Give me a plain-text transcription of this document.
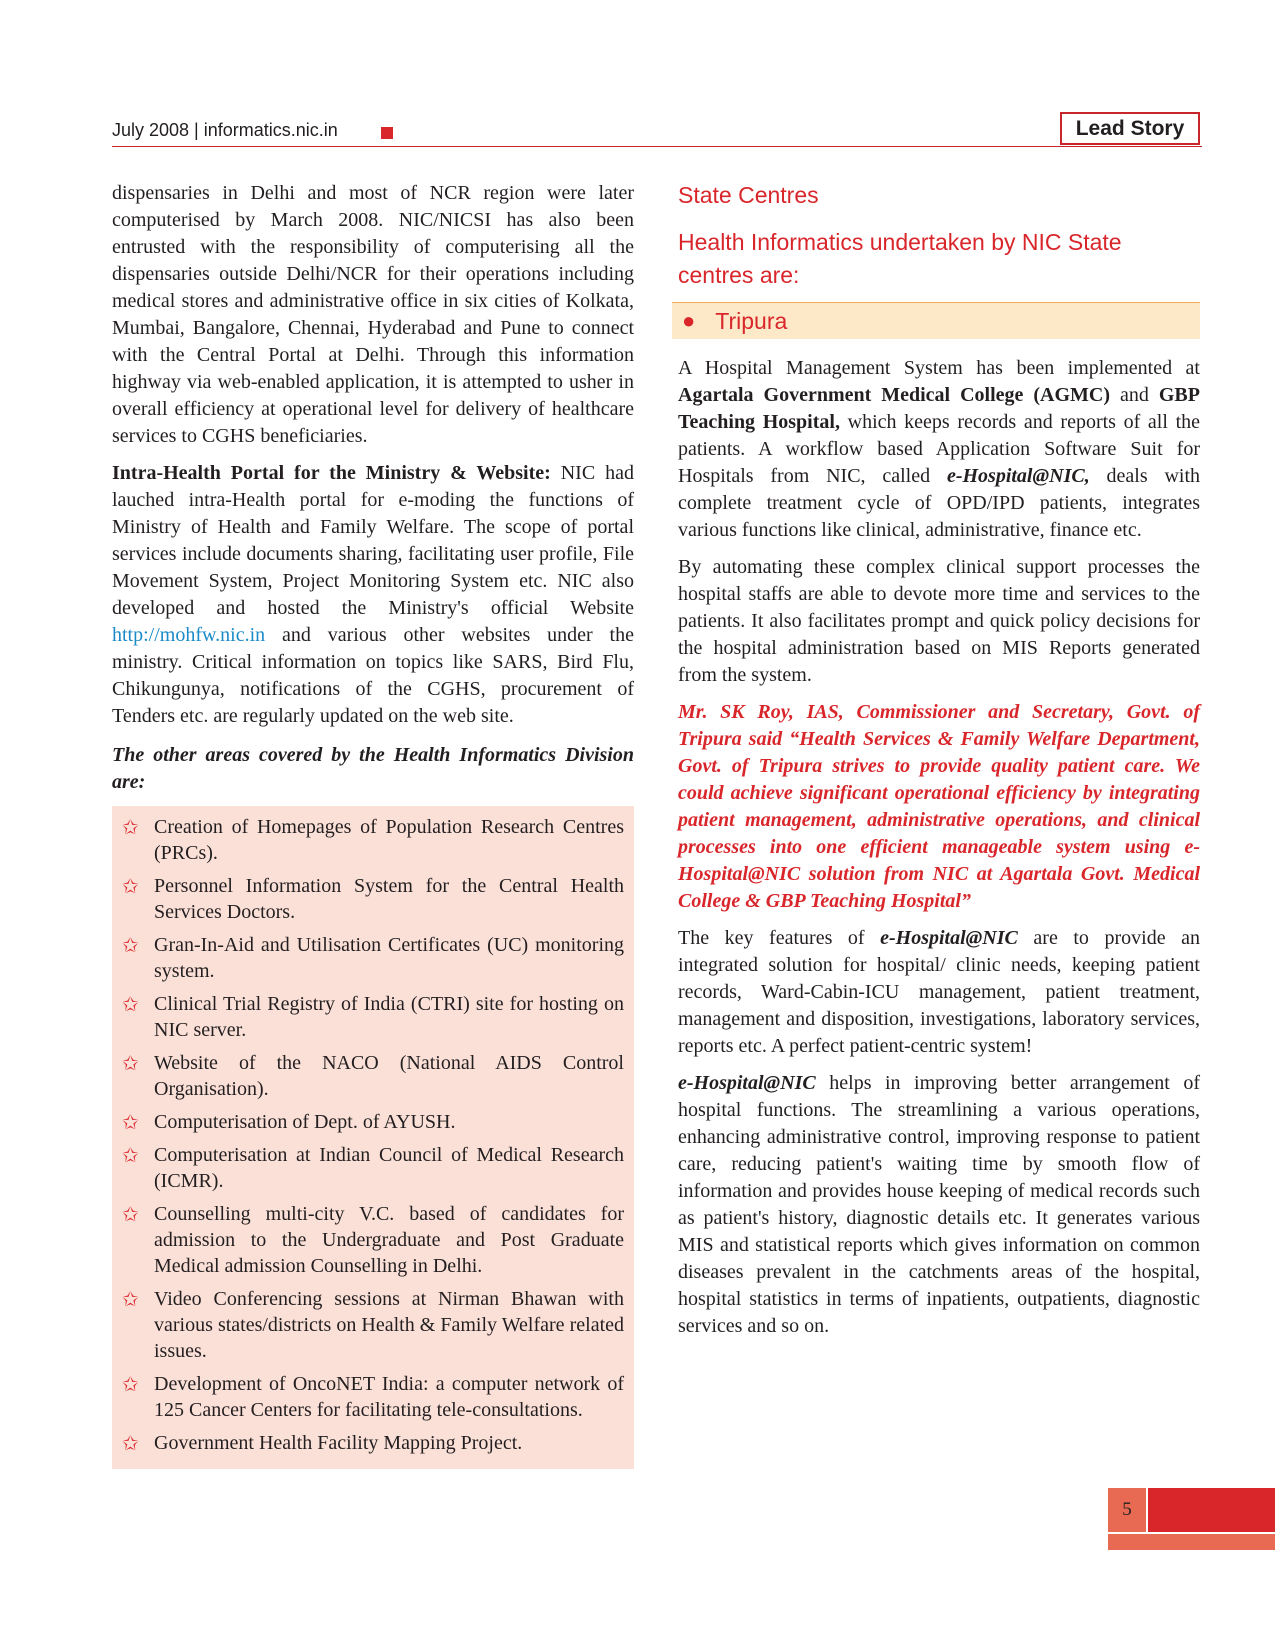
July 2008 | informatics.nic.in	Lead Story

dispensaries in Delhi and most of NCR region were later computerised by March 2008. NIC/NICSI has also been entrusted with the responsibility of computerising all the dispensaries outside Delhi/NCR for their operations including medical stores and administrative office in six cities of Kolkata, Mumbai, Bangalore, Chennai, Hyderabad and Pune to connect with the Central Portal at Delhi. Through this information highway via web-enabled application, it is attempted to usher in overall efficiency at operational level for delivery of healthcare services to CGHS beneficiaries.

Intra-Health Portal for the Ministry & Website: NIC had lauched intra-Health portal for e-moding the functions of Ministry of Health and Family Welfare. The scope of portal services include documents sharing, facilitating user profile, File Movement System, Project Monitoring System etc. NIC also developed and hosted the Ministry's official Website http://mohfw.nic.in and various other websites under the ministry. Critical information on topics like SARS, Bird Flu, Chikungunya, notifications of the CGHS, procurement of Tenders etc. are regularly updated on the web site.

The other areas covered by the Health Informatics Division are:

✩ Creation of Homepages of Population Research Centres (PRCs).
✩ Personnel Information System for the Central Health Services Doctors.
✩ Gran-In-Aid and Utilisation Certificates (UC) monitoring system.
✩ Clinical Trial Registry of India (CTRI) site for hosting on NIC server.
✩ Website of the NACO (National AIDS Control Organisation).
✩ Computerisation of Dept. of AYUSH.
✩ Computerisation at Indian Council of Medical Research (ICMR).
✩ Counselling multi-city V.C. based of candidates for admission to the Undergraduate and Post Graduate Medical admission Counselling in Delhi.
✩ Video Conferencing sessions at Nirman Bhawan with various states/districts on Health & Family Welfare related issues.
✩ Development of OncoNET India: a computer network of 125 Cancer Centers for facilitating tele-consultations.
✩ Government Health Facility Mapping Project.
State Centres
Health Informatics undertaken by NIC State centres are:
● Tripura

A Hospital Management System has been implemented at Agartala Government Medical College (AGMC) and GBP Teaching Hospital, which keeps records and reports of all the patients. A workflow based Application Software Suit for Hospitals from NIC, called e-Hospital@NIC, deals with complete treatment cycle of OPD/IPD patients, integrates various functions like clinical, administrative, finance etc.

By automating these complex clinical support processes the hospital staffs are able to devote more time and services to the patients. It also facilitates prompt and quick policy decisions for the hospital administration based on MIS Reports generated from the system.

Mr. SK Roy, IAS, Commissioner and Secretary, Govt. of Tripura said “Health Services & Family Welfare Department, Govt. of Tripura strives to provide quality patient care. We could achieve significant operational efficiency by integrating patient management, administrative operations, and clinical processes into one efficient manageable system using e-Hospital@NIC solution from NIC at Agartala Govt. Medical College & GBP Teaching Hospital”

The key features of e-Hospital@NIC are to provide an integrated solution for hospital/ clinic needs, keeping patient records, Ward-Cabin-ICU management, patient treatment, management and disposition, investigations, laboratory services, reports etc. A perfect patient-centric system!

e-Hospital@NIC helps in improving better arrangement of hospital functions. The streamlining a various operations, enhancing administrative control, improving response to patient care, reducing patient's waiting time by smooth flow of information and provides house keeping of medical records such as patient's history, diagnostic details etc. It generates various MIS and statistical reports which gives information on common diseases prevalent in the catchments areas of the hospital, hospital statistics in terms of inpatients, outpatients, diagnostic services and so on.

5
